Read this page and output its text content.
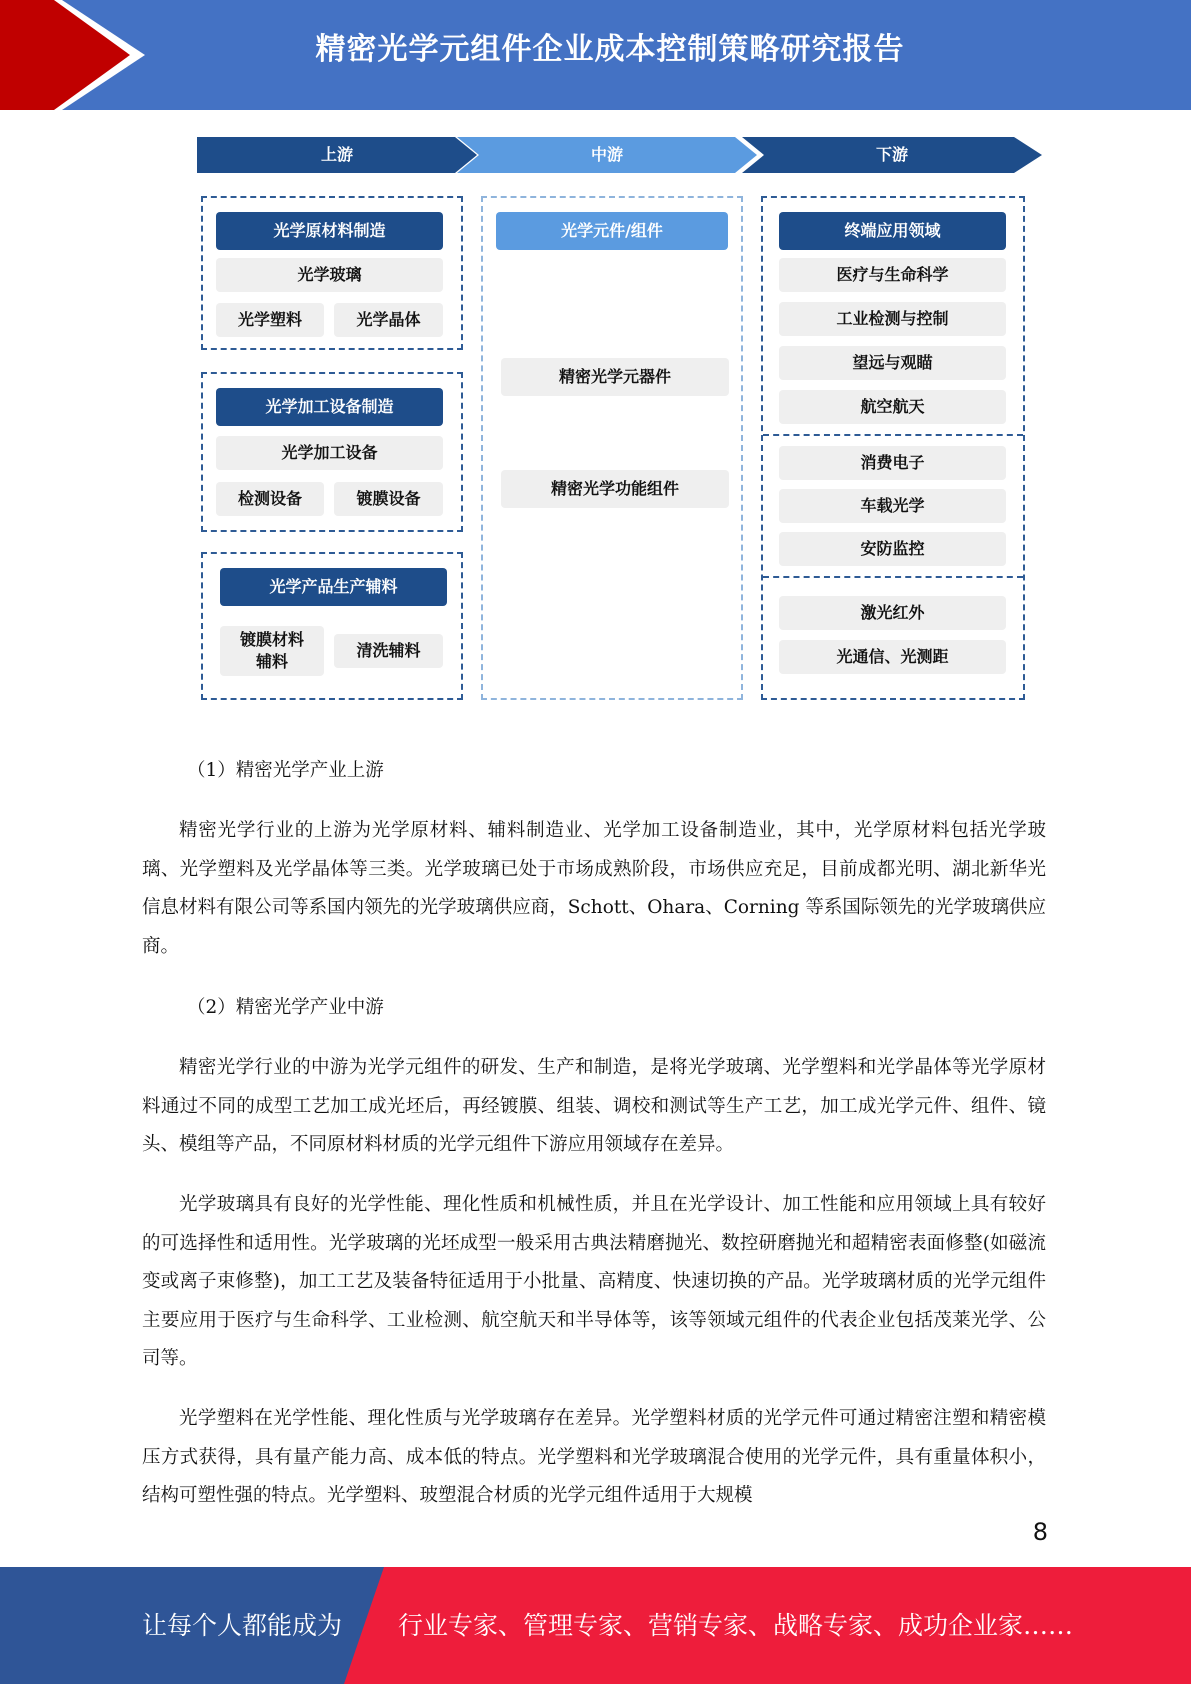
精密光学元组件企业成本控制策略研究报告
上游	中游	下游
光学原材料制造
光学玻璃
光学塑料	光学晶体
光学加工设备制造
光学加工设备
检测设备	镀膜设备
光学产品生产辅料
镀膜材料
辅料
清洗辅料
光学元件/组件
精密光学元器件
精密光学功能组件
终端应用领域
医疗与生命科学
工业检测与控制
望远与观瞄
航空航天
消费电子
车载光学
安防监控
激光红外
光通信、光测距
（1）精密光学产业上游
精密光学行业的上游为光学原材料、辅料制造业、光学加工设备制造业，其中，光学原材料包括光学玻璃、光学塑料及光学晶体等三类。光学玻璃已处于市场成熟阶段，市场供应充足，目前成都光明、湖北新华光信息材料有限公司等系国内领先的光学玻璃供应商，Schott、Ohara、Corning 等系国际领先的光学玻璃供应商。
（2）精密光学产业中游
精密光学行业的中游为光学元组件的研发、生产和制造，是将光学玻璃、光学塑料和光学晶体等光学原材料通过不同的成型工艺加工成光坯后，再经镀膜、组装、调校和测试等生产工艺，加工成光学元件、组件、镜头、模组等产品，不同原材料材质的光学元组件下游应用领域存在差异。
光学玻璃具有良好的光学性能、理化性质和机械性质，并且在光学设计、加工性能和应用领域上具有较好的可选择性和适用性。光学玻璃的光坯成型一般采用古典法精磨抛光、数控研磨抛光和超精密表面修整(如磁流变或离子束修整)，加工工艺及装备特征适用于小批量、高精度、快速切换的产品。光学玻璃材质的光学元组件主要应用于医疗与生命科学、工业检测、航空航天和半导体等，该等领域元组件的代表企业包括茂莱光学、公司等。
光学塑料在光学性能、理化性质与光学玻璃存在差异。光学塑料材质的光学元件可通过精密注塑和精密模压方式获得，具有量产能力高、成本低的特点。光学塑料和光学玻璃混合使用的光学元件，具有重量体积小，结构可塑性强的特点。光学塑料、玻塑混合材质的光学元组件适用于大规模
8
让每个人都能成为 行业专家、管理专家、营销专家、战略专家、成功企业家……
